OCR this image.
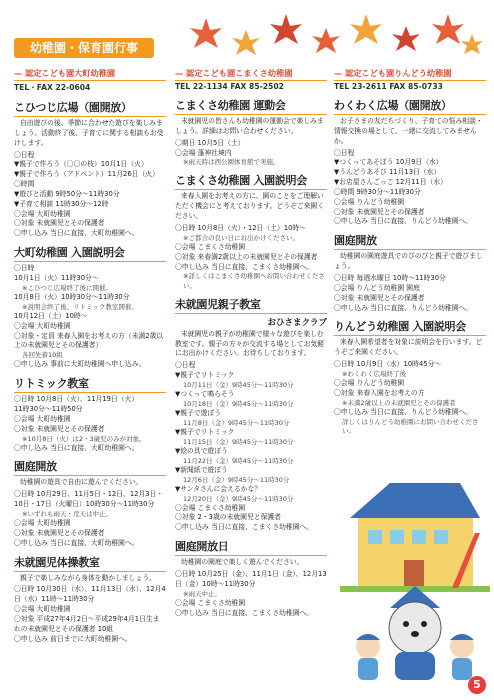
幼稚園・保育園行事
— 認定こども園大町幼稚園
TEL・FAX 22-0604
こひつじ広場（園開放）

自由遊びの後、季節に合わせた遊びを楽しみましょう。活動終了後、子育てに関する相談もお受けします。

〇日程
▼親子で作ろう（〇〇の枝）10月1日（火）
▼親子で作ろう（アドベント）11月26日（火）
〇時間
▼遊びと活動 9時50分～11時30分
▼子育て相談 11時30分～12時
〇会場 大町幼稚園
〇対象 未就園児とその保護者
〇申し込み 当日に直接、大町幼稚園へ。
大町幼稚園 入園説明会
〇日時
10月1日（火）11時30分～
※こひつじ広場終了後に開催。
10月8日（火）10時30分～11時30分
※説明会終了後、リトミック教室開催。
10月12日（土）10時～
〇会場 大町幼稚園
〇対象・定員 来春入園をお考えの方（未満2歳以上の未就園児とその保護者）
各回先着10組
〇申し込み 事前に大町幼稚園へ申し込み。
リトミック教室
〇日時 10月8日（火）、11月19日（火）
11時30分～11時50分
〇会場 大町幼稚園
〇対象 未就園児とその保護者
※10月8日（火）は2・3歳児のみが対象。
〇申し込み 当日に直接、大町幼稚園へ。
園庭開放

幼稚園の遊具で自由に遊んでください。

〇日時 10月29日、11月5日・12日、12月3日・10日・17日（火曜日）10時30分～11時30分
※いずれも雨天・荒天は中止。
〇会場 大町幼稚園
〇対象 未就園児とその保護者
〇申し込み 当日に直接、大町幼稚園へ。
未就園児体操教室

親子で楽しみながら身体を動かしましょう。

〇日時 10月30日（水）、11月13日（水）、12月4日（水）11時～11時30分
〇会場 大町幼稚園
〇対象 平成27年4月2日～平成29年4月1日生まれの未就園児とその保護者 10組
〇申し込み 前日までに大町幼稚園へ。
— 認定こども園こまくさ幼稚園
TEL 22-1134 FAX 85-2502
こまくさ幼稚園 運動会

未就園児の皆さんも幼稚園の運動会で楽しみましょう。詳細はお問い合わせください。

〇期日 10月5日（土）
〇会場 蓬神社境内
※雨天時は西公園体育館で実施。
こまくさ幼稚園 入園説明会

来春入園をお考えの方に、園のことをご理解いただく機会にと考えております。どうぞご来園ください。

〇日時 10月8日（火）・12日（土）10時～
※ご都合の良い日にお出かけください。
〇会場 こまくさ幼稚園
〇対象 来春満2歳以上の未就園児とその保護者
〇申し込み 当日に直接、こまくさ幼稚園へ。
※詳しくはこまくさ幼稚園へお問い合わせください。
未就園児親子教室
おひさまクラブ

未就園児の親子が幼稚園で様々な遊びを楽しむ教室です。親子の方々が交流する場としてお気軽にお出かけください。お待ちしております。

〇日程
▼親子でリトミック
10月11日（金）9時45分～11時30分
▼つくって鳴らそう
10月18日（金）9時45分～11時30分
▼親子で遊ぼう
11月8日（金）9時45分～11時30分
▼親子でリトミック
11月15日（金）9時45分～11時30分
▼絵の具で遊ぼう
11月22日（金）9時45分～11時30分
▼新聞紙で遊ぼう
12月6日（金）9時45分～11時30分
▼サンタさんに会えるかな？
12月20日（金）9時45分～11時30分
〇会場 こまくさ幼稚園
〇対象 2・3歳の未就園児と保護者
〇申し込み 当日に直接、こまくさ幼稚園へ。
園庭開放日

幼稚園の園庭で楽しく遊んでください。

〇日時 10月25日（金）、11月1日（金）、12月13日（金）10時～11時30分
※雨天中止。
〇会場 こまくさ幼稚園
〇申し込み 当日に直接、こまくさ幼稚園へ。
— 認定こども園りんどう幼稚園
TEL 23-2611 FAX 85-0733
わくわく広場（園開放）

お子さまの友だちづくり、子育ての悩み相談・情報交換の場として、一緒に交流してみませんか。

〇日程
▼つくってあそぼう 10月9日（水）
▼うんどうあそび 11月13日（水）
▼お店屋さんごっこ 12月11日（水）
〇時間 9時30分～11時30分
〇会場 りんどう幼稚園
〇対象 未就園児とその保護者
〇申し込み 当日に直接、りんどう幼稚園へ。
園庭開放

幼稚園の園庭遊具でのびのびと親子で遊びましょう。

〇日時 毎週水曜日 10時～11時30分
〇会場 りんどう幼稚園 園庭
〇対象 未就園児とその保護者
〇申し込み 当日に直接、りんどう幼稚園へ。
りんどう幼稚園 入園説明会

来春入園希望者を対象に説明会を行います。どうぞご来園ください。

〇日時 10月9日（水）10時45分～
※わくわく広場終了後
〇会場 りんどう幼稚園
〇対象 来春入園をお考えの方
※未満2歳以上の未就園児とその保護者
〇申し込み 当日に直接、りんどう幼稚園へ。
詳しくはりんどう幼稚園にお問い合わせください。
5
